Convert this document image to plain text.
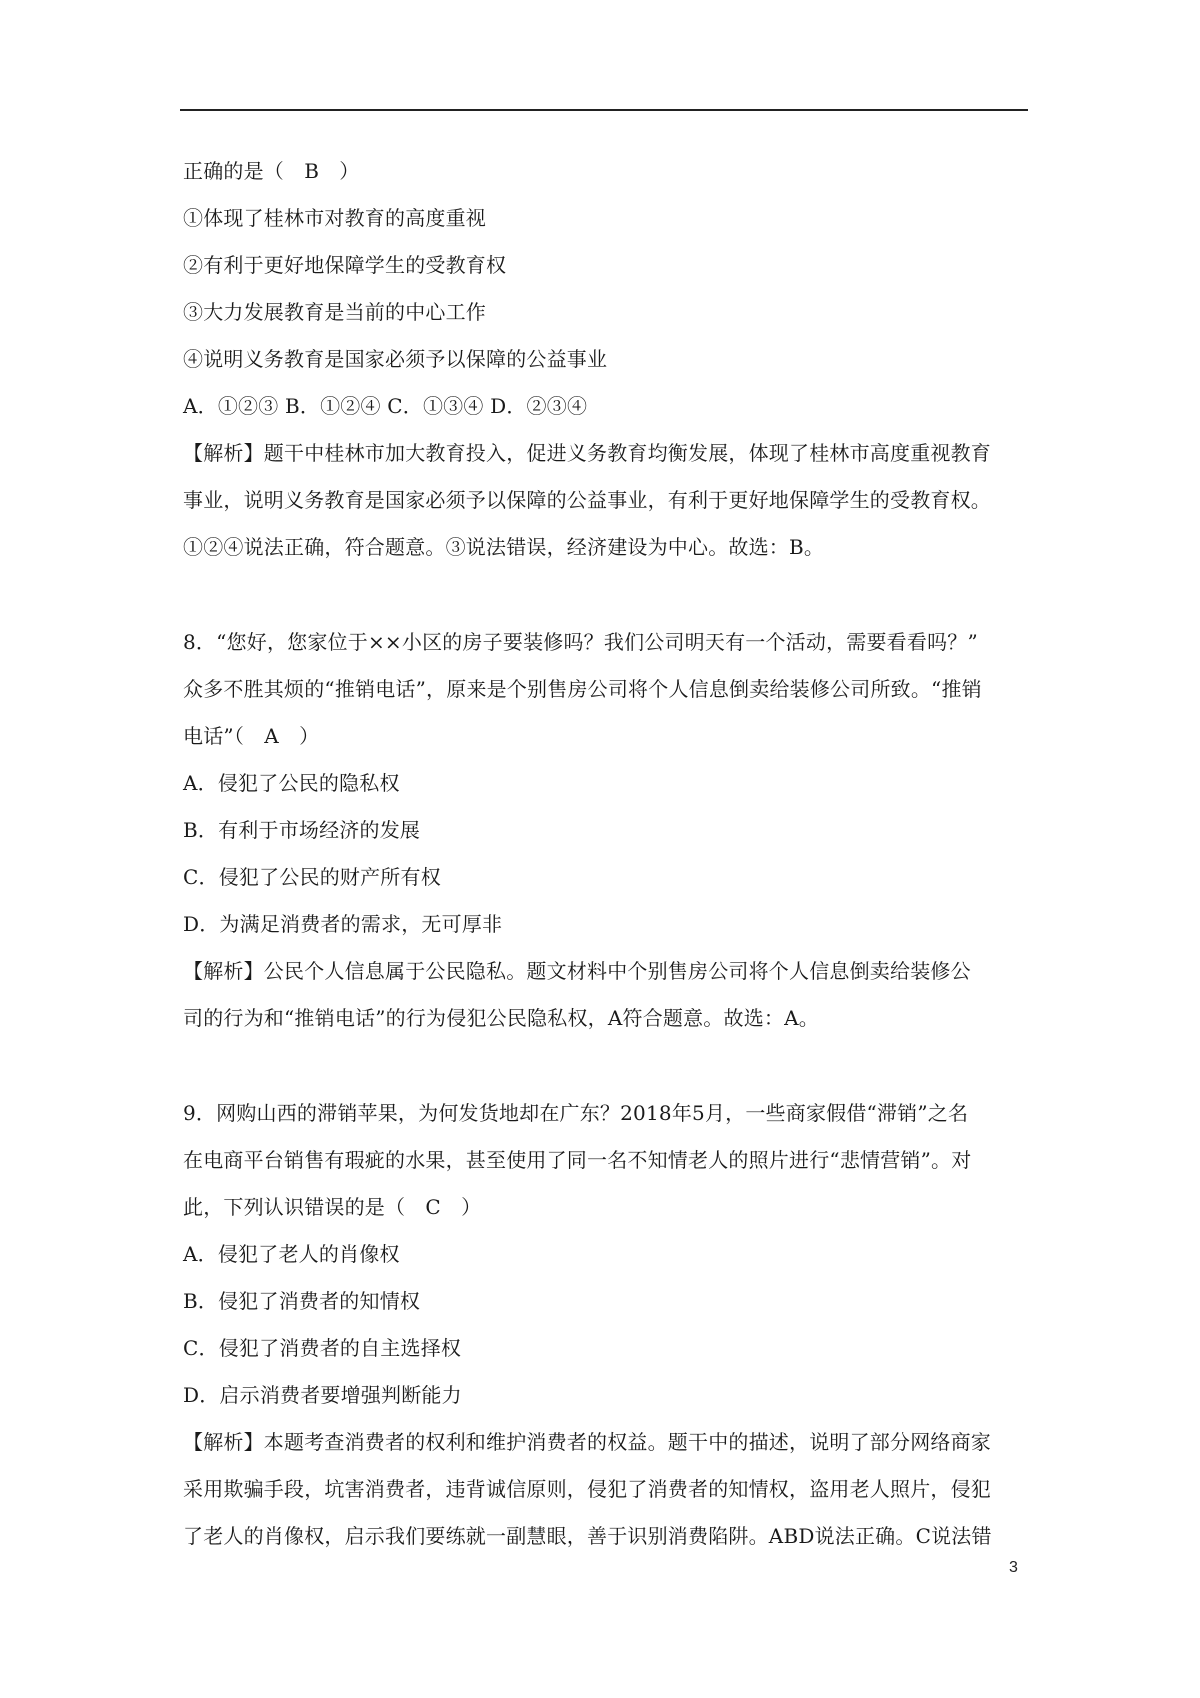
正确的是（　B　）
①体现了桂林市对教育的高度重视
②有利于更好地保障学生的受教育权
③大力发展教育是当前的中心工作
④说明义务教育是国家必须予以保障的公益事业
A．①②③ B．①②④ C．①③④ D．②③④
【解析】题干中桂林市加大教育投入，促进义务教育均衡发展，体现了桂林市高度重视教育
事业，说明义务教育是国家必须予以保障的公益事业，有利于更好地保障学生的受教育权。
①②④说法正确，符合题意。③说法错误，经济建设为中心。故选：B。
8．“您好，您家位于××小区的房子要装修吗？我们公司明天有一个活动，需要看看吗？”
众多不胜其烦的“推销电话”，原来是个别售房公司将个人信息倒卖给装修公司所致。“推销
电话”（　A　）
A．侵犯了公民的隐私权
B．有利于市场经济的发展
C．侵犯了公民的财产所有权
D．为满足消费者的需求，无可厚非
【解析】公民个人信息属于公民隐私。题文材料中个别售房公司将个人信息倒卖给装修公
司的行为和“推销电话”的行为侵犯公民隐私权，A符合题意。故选：A。
9．网购山西的滞销苹果，为何发货地却在广东？2018年5月，一些商家假借“滞销”之名
在电商平台销售有瑕疵的水果，甚至使用了同一名不知情老人的照片进行“悲情营销”。对
此，下列认识错误的是（　C　）
A．侵犯了老人的肖像权
B．侵犯了消费者的知情权
C．侵犯了消费者的自主选择权
D．启示消费者要增强判断能力
【解析】本题考查消费者的权利和维护消费者的权益。题干中的描述，说明了部分网络商家
采用欺骗手段，坑害消费者，违背诚信原则，侵犯了消费者的知情权，盗用老人照片，侵犯
了老人的肖像权，启示我们要练就一副慧眼，善于识别消费陷阱。ABD说法正确。C说法错
3
